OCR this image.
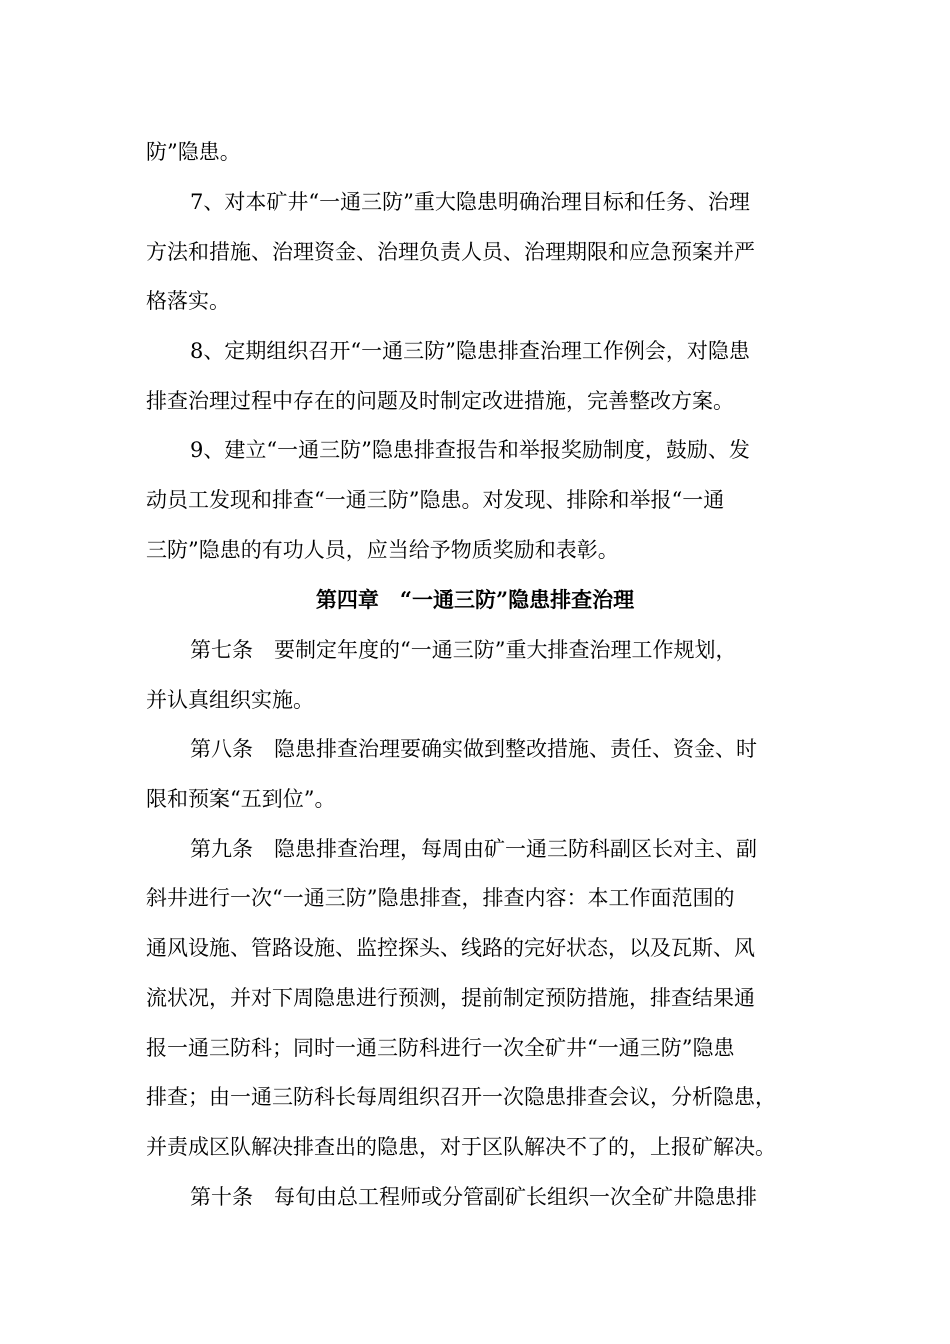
防”隐患。
7、对本矿井“一通三防”重大隐患明确治理目标和任务、治理
方法和措施、治理资金、治理负责人员、治理期限和应急预案并严
格落实。
8、定期组织召开“一通三防”隐患排查治理工作例会，对隐患
排查治理过程中存在的问题及时制定改进措施，完善整改方案。
9、建立“一通三防”隐患排查报告和举报奖励制度，鼓励、发
动员工发现和排查“一通三防”隐患。对发现、排除和举报“一通
三防”隐患的有功人员，应当给予物质奖励和表彰。
第四章　“一通三防”隐患排查治理
第七条　要制定年度的“一通三防”重大排查治理工作规划，
并认真组织实施。
第八条　隐患排查治理要确实做到整改措施、责任、资金、时
限和预案“五到位”。
第九条　隐患排查治理，每周由矿一通三防科副区长对主、副
斜井进行一次“一通三防”隐患排查，排查内容：本工作面范围的
通风设施、管路设施、监控探头、线路的完好状态，以及瓦斯、风
流状况，并对下周隐患进行预测，提前制定预防措施，排查结果通
报一通三防科；同时一通三防科进行一次全矿井“一通三防”隐患
排查；由一通三防科长每周组织召开一次隐患排查会议，分析隐患，
并责成区队解决排查出的隐患，对于区队解决不了的，上报矿解决。
第十条　每旬由总工程师或分管副矿长组织一次全矿井隐患排
